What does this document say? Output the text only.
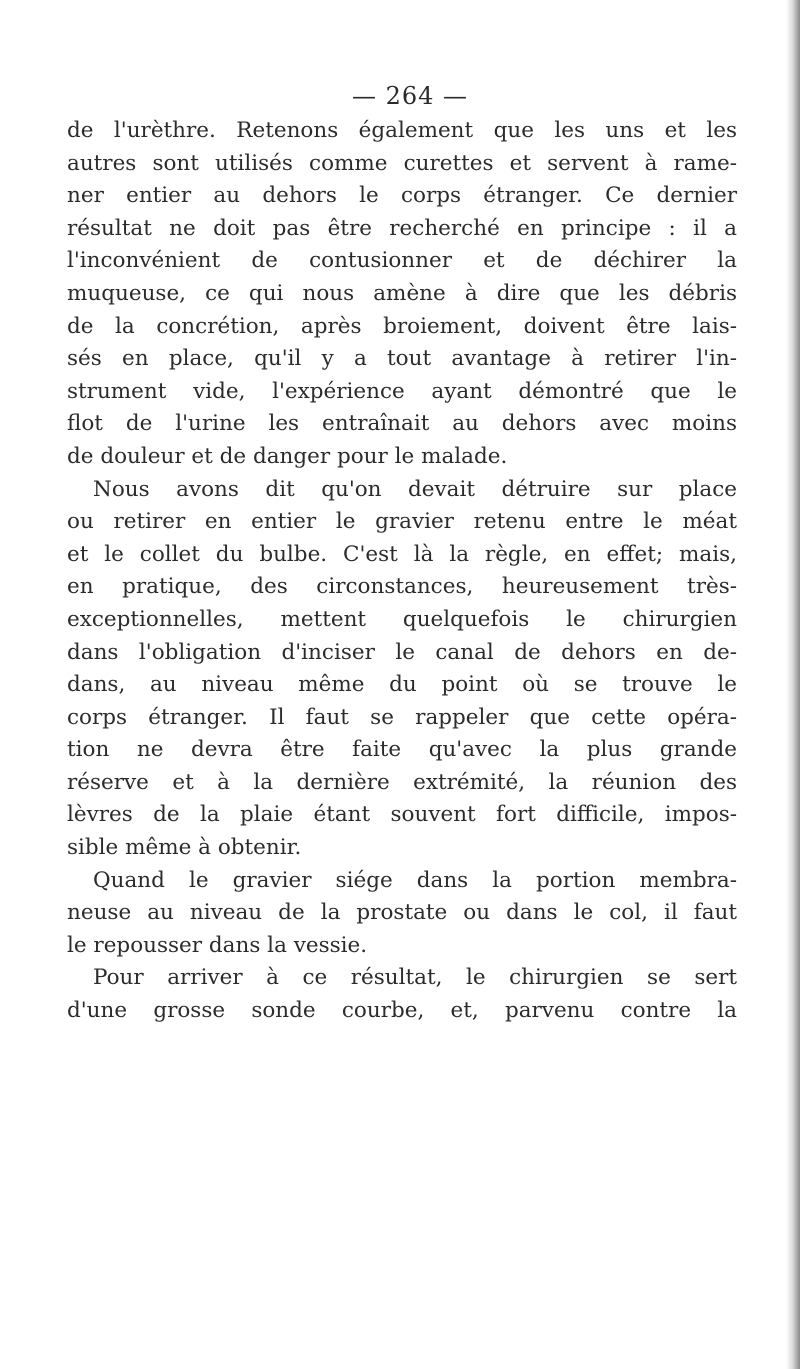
— 264 —
de l'urèthre. Retenons également que les uns et les
autres sont utilisés comme curettes et servent à rame-
ner entier au dehors le corps étranger. Ce dernier
résultat ne doit pas être recherché en principe : il a
l'inconvénient de contusionner et de déchirer la
muqueuse, ce qui nous amène à dire que les débris
de la concrétion, après broiement, doivent être lais-
sés en place, qu'il y a tout avantage à retirer l'in-
strument vide, l'expérience ayant démontré que le
flot de l'urine les entraînait au dehors avec moins
de douleur et de danger pour le malade.
Nous avons dit qu'on devait détruire sur place
ou retirer en entier le gravier retenu entre le méat
et le collet du bulbe. C'est là la règle, en effet; mais,
en pratique, des circonstances, heureusement très-
exceptionnelles, mettent quelquefois le chirurgien
dans l'obligation d'inciser le canal de dehors en de-
dans, au niveau même du point où se trouve le
corps étranger. Il faut se rappeler que cette opéra-
tion ne devra être faite qu'avec la plus grande
réserve et à la dernière extrémité, la réunion des
lèvres de la plaie étant souvent fort difficile, impos-
sible même à obtenir.
Quand le gravier siége dans la portion membra-
neuse au niveau de la prostate ou dans le col, il faut
le repousser dans la vessie.
Pour arriver à ce résultat, le chirurgien se sert
d'une grosse sonde courbe, et, parvenu contre la
